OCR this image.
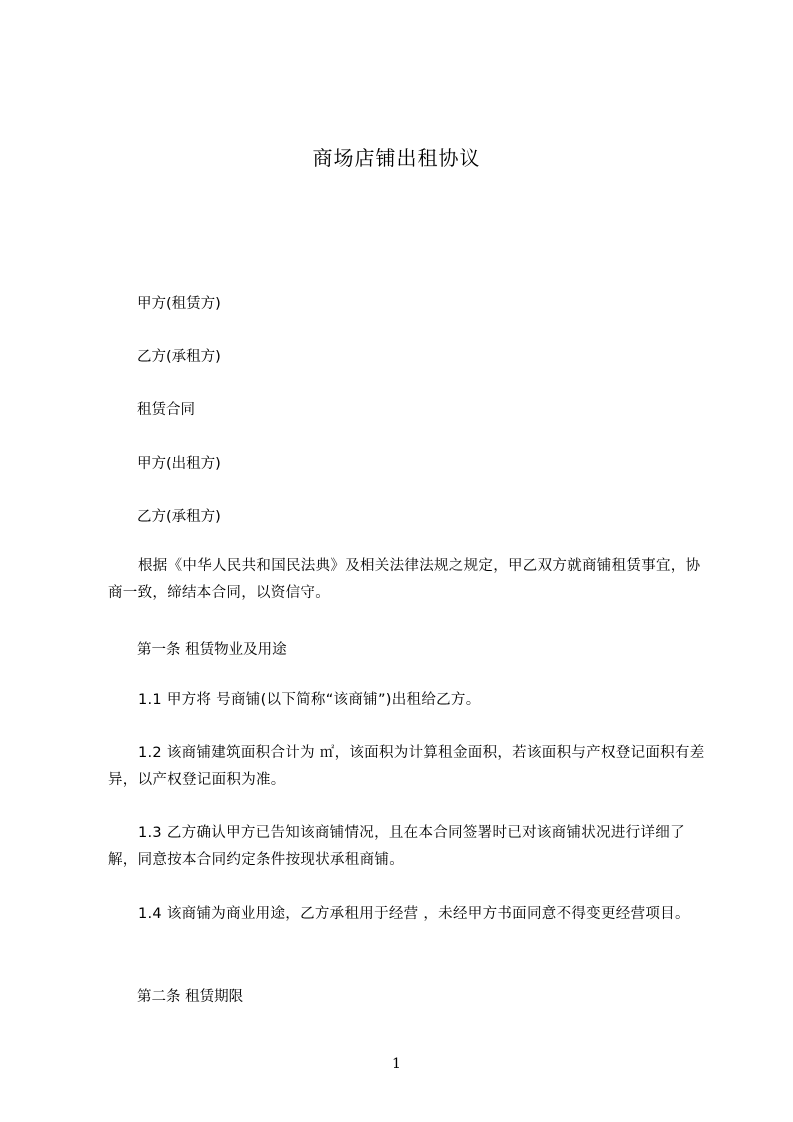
商场店铺出租协议
甲方(租赁方)
乙方(承租方)
租赁合同
甲方(出租方)
乙方(承租方)
根据《中华人民共和国民法典》及相关法律法规之规定，甲乙双方就商铺租赁事宜，协商一致，缔结本合同，以资信守。
第一条 租赁物业及用途
1.1 甲方将 号商铺(以下简称“该商铺”)出租给乙方。
1.2 该商铺建筑面积合计为 ㎡，该面积为计算租金面积，若该面积与产权登记面积有差异，以产权登记面积为准。
1.3 乙方确认甲方已告知该商铺情况，且在本合同签署时已对该商铺状况进行详细了解，同意按本合同约定条件按现状承租商铺。
1.4 该商铺为商业用途，乙方承租用于经营 ，未经甲方书面同意不得变更经营项目。
第二条 租赁期限
1
